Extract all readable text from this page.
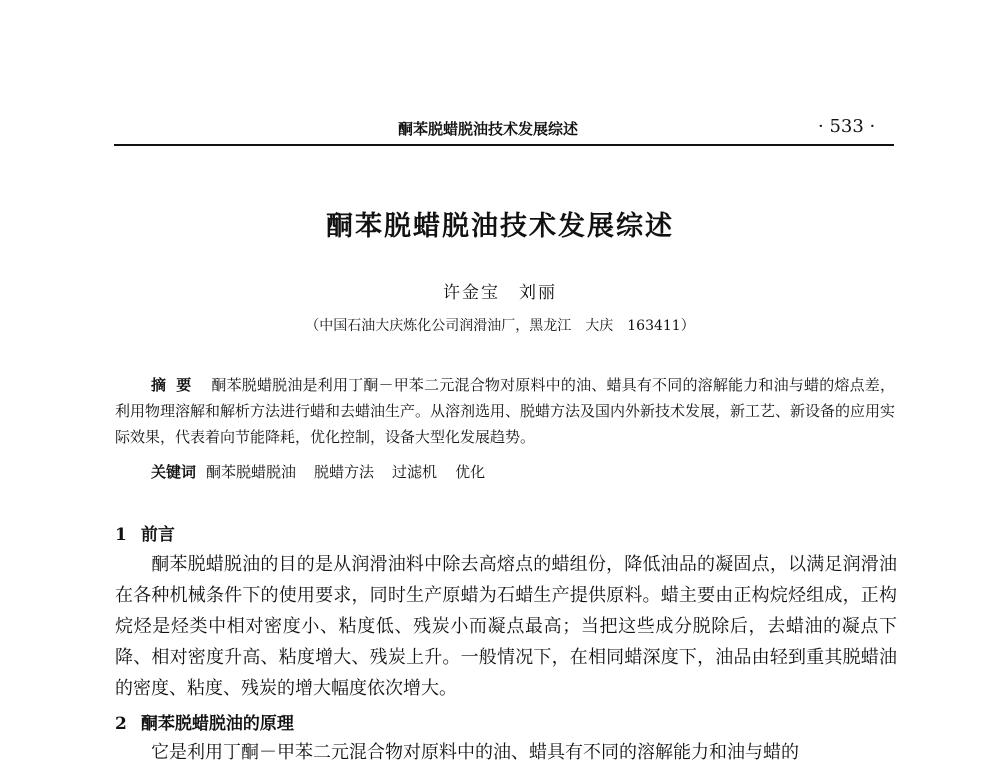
酮苯脱蜡脱油技术发展综述	· 533 ·
酮苯脱蜡脱油技术发展综述
许金宝　刘丽
（中国石油大庆炼化公司润滑油厂，黑龙江　大庆　163411）
摘要 酮苯脱蜡脱油是利用丁酮－甲苯二元混合物对原料中的油、蜡具有不同的溶解能力和油与蜡的熔点差，利用物理溶解和解析方法进行蜡和去蜡油生产。从溶剂选用、脱蜡方法及国内外新技术发展，新工艺、新设备的应用实际效果，代表着向节能降耗，优化控制，设备大型化发展趋势。
关键词 酮苯脱蜡脱油 脱蜡方法 过滤机 优化
1 前言
酮苯脱蜡脱油的目的是从润滑油料中除去高熔点的蜡组份，降低油品的凝固点，以满足润滑油在各种机械条件下的使用要求，同时生产原蜡为石蜡生产提供原料。蜡主要由正构烷烃组成，正构烷烃是烃类中相对密度小、粘度低、残炭小而凝点最高；当把这些成分脱除后，去蜡油的凝点下降、相对密度升高、粘度增大、残炭上升。一般情况下，在相同蜡深度下，油品由轻到重其脱蜡油的密度、粘度、残炭的增大幅度依次增大。
2 酮苯脱蜡脱油的原理
它是利用丁酮－甲苯二元混合物对原料中的油、蜡具有不同的溶解能力和油与蜡的
